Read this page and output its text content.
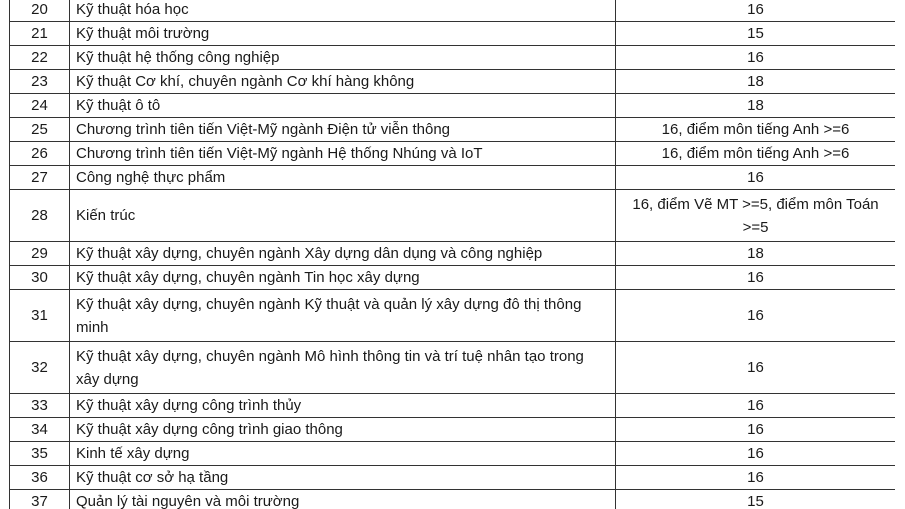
20	Kỹ thuật hóa học	16
21	Kỹ thuật môi trường	15
22	Kỹ thuật hệ thống công nghiệp	16
23	Kỹ thuật Cơ khí, chuyên ngành Cơ khí hàng không	18
24	Kỹ thuật ô tô	18
25	Chương trình tiên tiến Việt-Mỹ ngành Điện tử viễn thông	16, điểm môn tiếng Anh >=6
26	Chương trình tiên tiến Việt-Mỹ ngành Hệ thống Nhúng và IoT	16, điểm môn tiếng Anh >=6
27	Công nghệ thực phẩm	16
28	Kiến trúc	16, điểm Vẽ MT >=5, điểm môn Toán >=5
29	Kỹ thuật xây dựng, chuyên ngành Xây dựng dân dụng và công nghiệp	18
30	Kỹ thuật xây dựng, chuyên ngành Tin học xây dựng	16
31	Kỹ thuật xây dựng, chuyên ngành Kỹ thuật và quản lý xây dựng đô thị thông minh	16
32	Kỹ thuật xây dựng, chuyên ngành Mô hình thông tin và trí tuệ nhân tạo trong xây dựng	16
33	Kỹ thuật xây dựng công trình thủy	16
34	Kỹ thuật xây dựng công trình giao thông	16
35	Kinh tế xây dựng	16
36	Kỹ thuật cơ sở hạ tầng	16
37	Quản lý tài nguyên và môi trường	15
